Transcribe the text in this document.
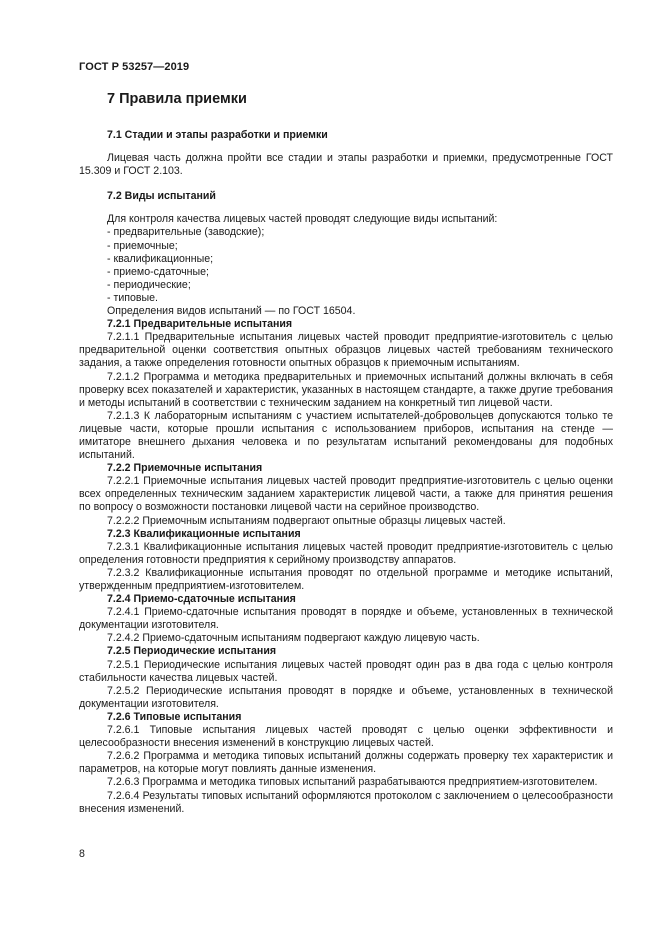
ГОСТ Р 53257—2019
7 Правила приемки
7.1 Стадии и этапы разработки и приемки

Лицевая часть должна пройти все стадии и этапы разработки и приемки, предусмотренные ГОСТ 15.309 и ГОСТ 2.103.

7.2 Виды испытаний
Для контроля качества лицевых частей проводят следующие виды испытаний:
- предварительные (заводские);
- приемочные;
- квалификационные;
- приемо-сдаточные;
- периодические;
- типовые.
Определения видов испытаний — по ГОСТ 16504.
7.2.1 Предварительные испытания

7.2.1.1 Предварительные испытания лицевых частей проводит предприятие-изготовитель с целью предварительной оценки соответствия опытных образцов лицевых частей требованиям технического задания, а также определения готовности опытных образцов к приемочным испытаниям.

7.2.1.2 Программа и методика предварительных и приемочных испытаний должны включать в себя проверку всех показателей и характеристик, указанных в настоящем стандарте, а также другие требования и методы испытаний в соответствии с техническим заданием на конкретный тип лицевой части.

7.2.1.3 К лабораторным испытаниям с участием испытателей-добровольцев допускаются только те лицевые части, которые прошли испытания с использованием приборов, испытания на стенде — имитаторе внешнего дыхания человека и по результатам испытаний рекомендованы для подобных испытаний.

7.2.2 Приемочные испытания

7.2.2.1 Приемочные испытания лицевых частей проводит предприятие-изготовитель с целью оценки всех определенных техническим заданием характеристик лицевой части, а также для принятия решения по вопросу о возможности постановки лицевой части на серийное производство.

7.2.2.2 Приемочным испытаниям подвергают опытные образцы лицевых частей.

7.2.3 Квалификационные испытания

7.2.3.1 Квалификационные испытания лицевых частей проводит предприятие-изготовитель с целью определения готовности предприятия к серийному производству аппаратов.

7.2.3.2 Квалификационные испытания проводят по отдельной программе и методике испытаний, утвержденным предприятием-изготовителем.

7.2.4 Приемо-сдаточные испытания

7.2.4.1 Приемо-сдаточные испытания проводят в порядке и объеме, установленных в технической документации изготовителя.

7.2.4.2 Приемо-сдаточным испытаниям подвергают каждую лицевую часть.

7.2.5 Периодические испытания

7.2.5.1 Периодические испытания лицевых частей проводят один раз в два года с целью контроля стабильности качества лицевых частей.

7.2.5.2 Периодические испытания проводят в порядке и объеме, установленных в технической документации изготовителя.

7.2.6 Типовые испытания

7.2.6.1 Типовые испытания лицевых частей проводят с целью оценки эффективности и целесообразности внесения изменений в конструкцию лицевых частей.

7.2.6.2 Программа и методика типовых испытаний должны содержать проверку тех характеристик и параметров, на которые могут повлиять данные изменения.

7.2.6.3 Программа и методика типовых испытаний разрабатываются предприятием-изготовителем.

7.2.6.4 Результаты типовых испытаний оформляются протоколом с заключением о целесообразности внесения изменений.

8
